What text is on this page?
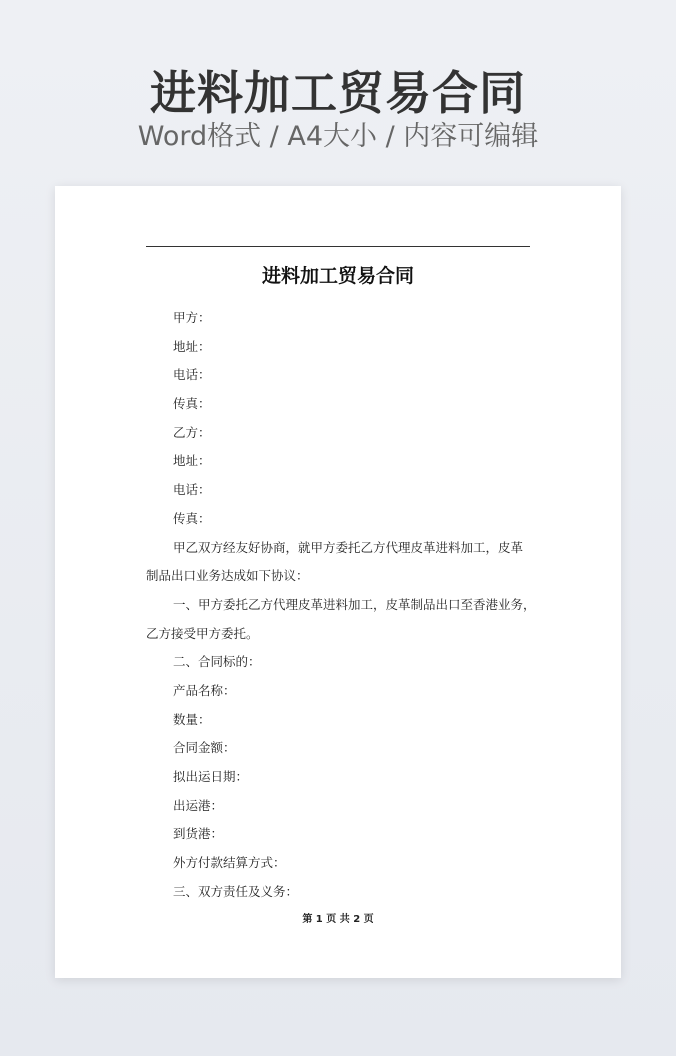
进料加工贸易合同
Word格式 / A4大小 / 内容可编辑
进料加工贸易合同
甲方：
地址：
电话：
传真：
乙方：
地址：
电话：
传真：
甲乙双方经友好协商，就甲方委托乙方代理皮革进料加工，皮革
制品出口业务达成如下协议：
一、甲方委托乙方代理皮革进料加工，皮革制品出口至香港业务，
乙方接受甲方委托。
二、合同标的：
产品名称：
数量：
合同金额：
拟出运日期：
出运港：
到货港：
外方付款结算方式：
三、双方责任及义务：
第 1 页 共 2 页
